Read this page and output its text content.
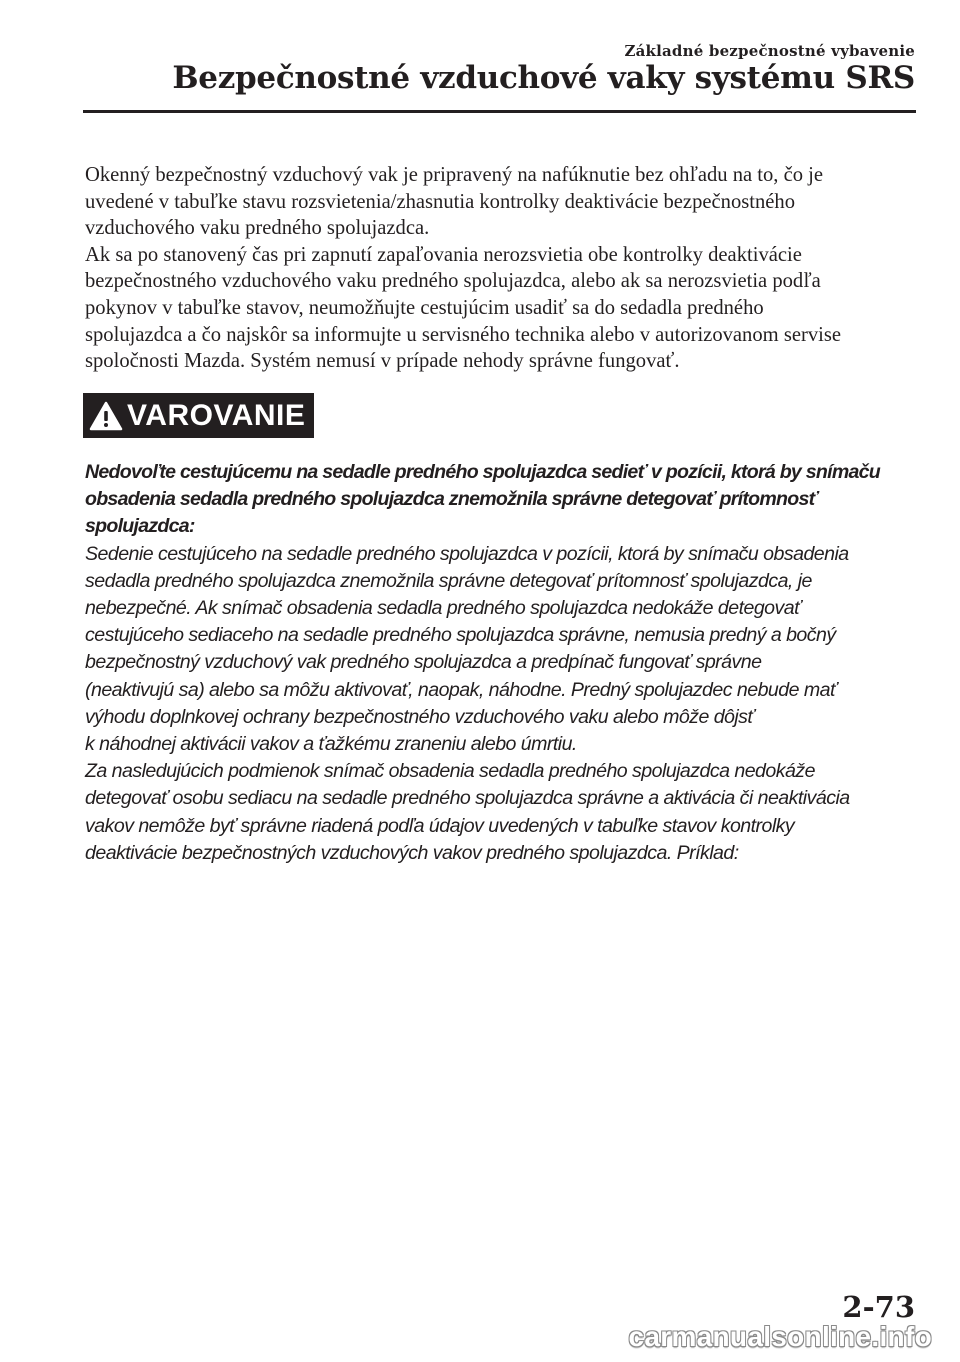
Základné bezpečnostné vybavenie
Bezpečnostné vzduchové vaky systému SRS

Okenný bezpečnostný vzduchový vak je pripravený na nafúknutie bez ohľadu na to, čo je

uvedené v tabuľke stavu rozsvietenia/zhasnutia kontrolky deaktivácie bezpečnostného

vzduchového vaku predného spolujazdca.

Ak sa po stanovený čas pri zapnutí zapaľovania nerozsvietia obe kontrolky deaktivácie

bezpečnostného vzduchového vaku predného spolujazdca, alebo ak sa nerozsvietia podľa

pokynov v tabuľke stavov, neumožňujte cestujúcim usadiť sa do sedadla predného

spolujazdca a čo najskôr sa informujte u servisného technika alebo v autorizovanom servise

spoločnosti Mazda. Systém nemusí v prípade nehody správne fungovať.

VAROVANIE

Nedovoľte cestujúcemu na sedadle predného spolujazdca sedieť v pozícii, ktorá by snímaču

obsadenia sedadla predného spolujazdca znemožnila správne detegovať prítomnosť

spolujazdca:

Sedenie cestujúceho na sedadle predného spolujazdca v pozícii, ktorá by snímaču obsadenia

sedadla predného spolujazdca znemožnila správne detegovať prítomnosť spolujazdca, je

nebezpečné. Ak snímač obsadenia sedadla predného spolujazdca nedokáže detegovať

cestujúceho sediaceho na sedadle predného spolujazdca správne, nemusia predný a bočný

bezpečnostný vzduchový vak predného spolujazdca a predpínač fungovať správne

(neaktivujú sa) alebo sa môžu aktivovať, naopak, náhodne. Predný spolujazdec nebude mať

výhodu doplnkovej ochrany bezpečnostného vzduchového vaku alebo môže dôjsť

k náhodnej aktivácii vakov a ťažkému zraneniu alebo úmrtiu.

Za nasledujúcich podmienok snímač obsadenia sedadla predného spolujazdca nedokáže

detegovať osobu sediacu na sedadle predného spolujazdca správne a aktivácia či neaktivácia

vakov nemôže byť správne riadená podľa údajov uvedených v tabuľke stavov kontrolky

deaktivácie bezpečnostných vzduchových vakov predného spolujazdca. Príklad:

2-73
carmanualsonline.info
